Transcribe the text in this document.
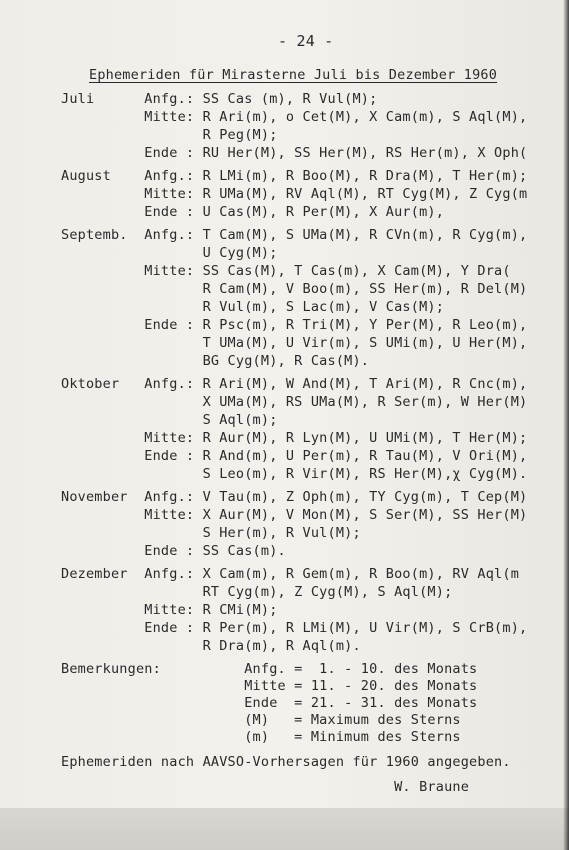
- 24 -
Ephemeriden für Mirasterne Juli bis Dezember 1960
Juli      Anfg.: SS Cas (m), R Vul(M);
Mitte: R Ari(m), o Cet(M), X Cam(m), S Aql(M),
R Peg(M);
Ende : RU Her(M), SS Her(M), RS Her(m), X Oph(
August    Anfg.: R LMi(m), R Boo(M), R Dra(M), T Her(m);
Mitte: R UMa(M), RV Aql(M), RT Cyg(M), Z Cyg(m
Ende : U Cas(M), R Per(M), X Aur(m),
Septemb.  Anfg.: T Cam(M), S UMa(M), R CVn(m), R Cyg(m),
U Cyg(M);
Mitte: SS Cas(M), T Cas(m), X Cam(M), Y Dra(
R Cam(M), V Boo(m), SS Her(m), R Del(M)
R Vul(m), S Lac(m), V Cas(M);
Ende : R Psc(m), R Tri(M), Y Per(M), R Leo(m),
T UMa(M), U Vir(m), S UMi(m), U Her(M),
BG Cyg(M), R Cas(M).
Oktober   Anfg.: R Ari(M), W And(M), T Ari(M), R Cnc(m),
X UMa(M), RS UMa(M), R Ser(m), W Her(M)
S Aql(m);
Mitte: R Aur(M), R Lyn(M), U UMi(M), T Her(M);
Ende : R And(m), U Per(m), R Tau(M), V Ori(M),
S Leo(m), R Vir(M), RS Her(M),χ Cyg(M).
November  Anfg.: V Tau(m), Z Oph(m), TY Cyg(m), T Cep(M)
Mitte: X Aur(M), V Mon(M), S Ser(M), SS Her(M)
S Her(m), R Vul(M);
Ende : SS Cas(m).
Dezember  Anfg.: X Cam(m), R Gem(m), R Boo(m), RV Aql(m
RT Cyg(m), Z Cyg(M), S Aql(M);
Mitte: R CMi(M);
Ende : R Per(m), R LMi(M), U Vir(M), S CrB(m),
R Dra(m), R Aql(m).
Bemerkungen:          Anfg. =  1. - 10. des Monats
Mitte = 11. - 20. des Monats
Ende  = 21. - 31. des Monats
(M)   = Maximum des Sterns
(m)   = Minimum des Sterns
Ephemeriden nach AAVSO-Vorhersagen für 1960 angegeben.
W. Braune
